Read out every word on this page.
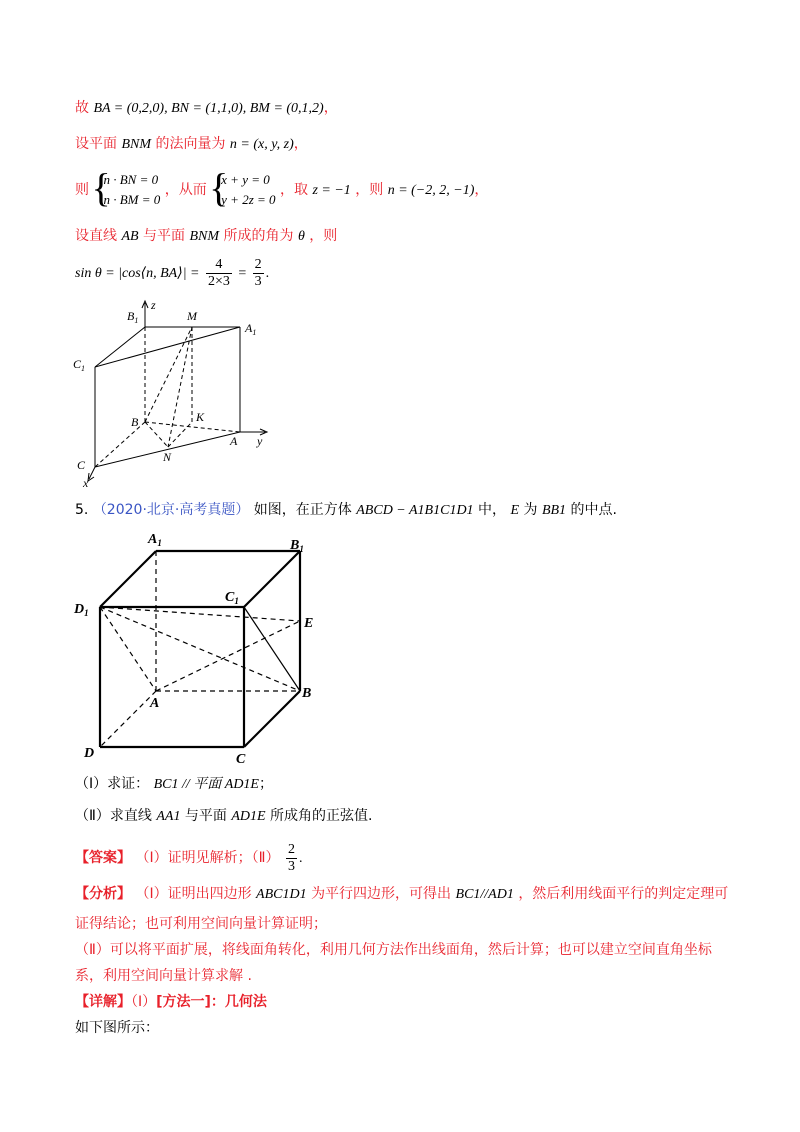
故 BA = (0,2,0), BN = (1,1,0), BM = (0,1,2)，
设平面 BNM 的法向量为 n = (x, y, z)，
则 { n · BN = 0
n · BM = 0 ，从而 { x + y = 0
y + 2z = 0 ，取 z = −1 ，则 n = (−2, 2, −1)，
设直线 AB 与平面 BNM 所成的角为 θ ，则
sin θ = |cos⟨n, BA⟩| = $\frac{4}{2\times 3} = \frac{2}{3}$ .
$B_1$
z
M
$A_1$
$C_1$
B	K
A y
C
N
x
5. （2020·北京·高考真题） 如图，在正方体 ABCD − A1B1C1D1 中， E 为 BB1 的中点.
$A_1$	$B_1$
$C_1$
$D_1$
E
A
B
D	C
（Ⅰ）求证： BC1 // 平面 AD1E；
（Ⅱ）求直线 AA1 与平面 AD1E 所成角的正弦值.
【答案】 （Ⅰ）证明见解析；（Ⅱ） $\frac{2}{3}$ .
【分析】 （Ⅰ）证明出四边形 ABC1D1 为平行四边形，可得出 BC1//AD1 ，然后利用线面平行的判定定理可
证得结论；也可利用空间向量计算证明；
（Ⅱ）可以将平面扩展，将线面角转化，利用几何方法作出线面角，然后计算；也可以建立空间直角坐标
系，利用空间向量计算求解 .
【详解】（Ⅰ）[方法一]：几何法
如下图所示：
